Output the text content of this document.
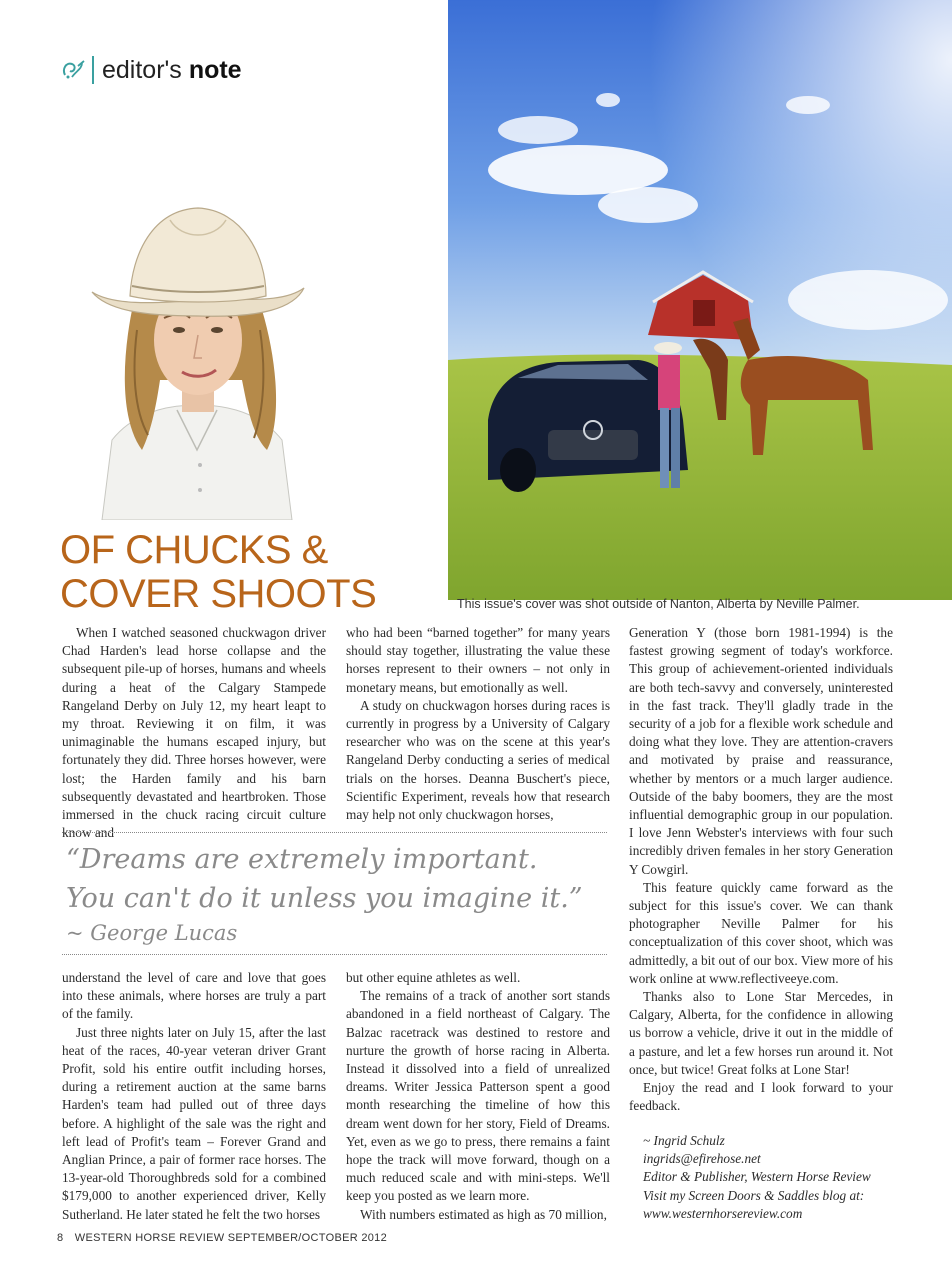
editor's note
This issue's cover was shot outside of Nanton, Alberta by Neville Palmer.
OF CHUCKS &
COVER SHOOTS

When I watched seasoned chuckwagon driver Chad Harden's lead horse collapse and the subsequent pile-up of horses, humans and wheels during a heat of the Calgary Stampede Rangeland Derby on July 12, my heart leapt to my throat. Reviewing it on film, it was unimaginable the humans escaped injury, but fortunately they did. Three horses however, were lost; the Harden family and his barn subsequently devastated and heartbroken. Those immersed in the chuck racing circuit culture know and

who had been “barned together” for many years should stay together, illustrating the value these horses represent to their owners – not only in monetary means, but emotionally as well.

A study on chuckwagon horses during races is currently in progress by a University of Calgary researcher who was on the scene at this year's Rangeland Derby conducting a series of medical trials on the horses. Deanna Buschert's piece, Scientific Experiment, reveals how that research may help not only chuckwagon horses,

“Dreams are extremely important.
You can't do it unless you imagine it.”
~ George Lucas

understand the level of care and love that goes into these animals, where horses are truly a part of the family.

Just three nights later on July 15, after the last heat of the races, 40-year veteran driver Grant Profit, sold his entire outfit including horses, during a retirement auction at the same barns Harden's team had pulled out of three days before. A highlight of the sale was the right and left lead of Profit's team – Forever Grand and Anglian Prince, a pair of former race horses. The 13-year-old Thoroughbreds sold for a combined $179,000 to another experienced driver, Kelly Sutherland. He later stated he felt the two horses

but other equine athletes as well.

The remains of a track of another sort stands abandoned in a field northeast of Calgary. The Balzac racetrack was destined to restore and nurture the growth of horse racing in Alberta. Instead it dissolved into a field of unrealized dreams. Writer Jessica Patterson spent a good month researching the timeline of how this dream went down for her story, Field of Dreams. Yet, even as we go to press, there remains a faint hope the track will move forward, though on a much reduced scale and with mini-steps. We'll keep you posted as we learn more.

With numbers estimated as high as 70 million,

Generation Y (those born 1981-1994) is the fastest growing segment of today's workforce. This group of achievement-oriented individuals are both tech-savvy and conversely, uninterested in the fast track. They'll gladly trade in the security of a job for a flexible work schedule and doing what they love. They are attention-cravers and motivated by praise and reassurance, whether by mentors or a much larger audience. Outside of the baby boomers, they are the most influential demographic group in our population. I love Jenn Webster's interviews with four such incredibly driven females in her story Generation Y Cowgirl.

This feature quickly came forward as the subject for this issue's cover. We can thank photographer Neville Palmer for his conceptualization of this cover shoot, which was admittedly, a bit out of our box. View more of his work online at www.reflectiveeye.com.

Thanks also to Lone Star Mercedes, in Calgary, Alberta, for the confidence in allowing us borrow a vehicle, drive it out in the middle of a pasture, and let a few horses run around it. Not once, but twice! Great folks at Lone Star!

Enjoy the read and I look forward to your feedback.

~ Ingrid Schulz
ingrids@efirehose.net
Editor & Publisher, Western Horse Review
Visit my Screen Doors & Saddles blog at:
www.westernhorsereview.com
8 WESTERN HORSE REVIEW SEPTEMBER/OCTOBER 2012
